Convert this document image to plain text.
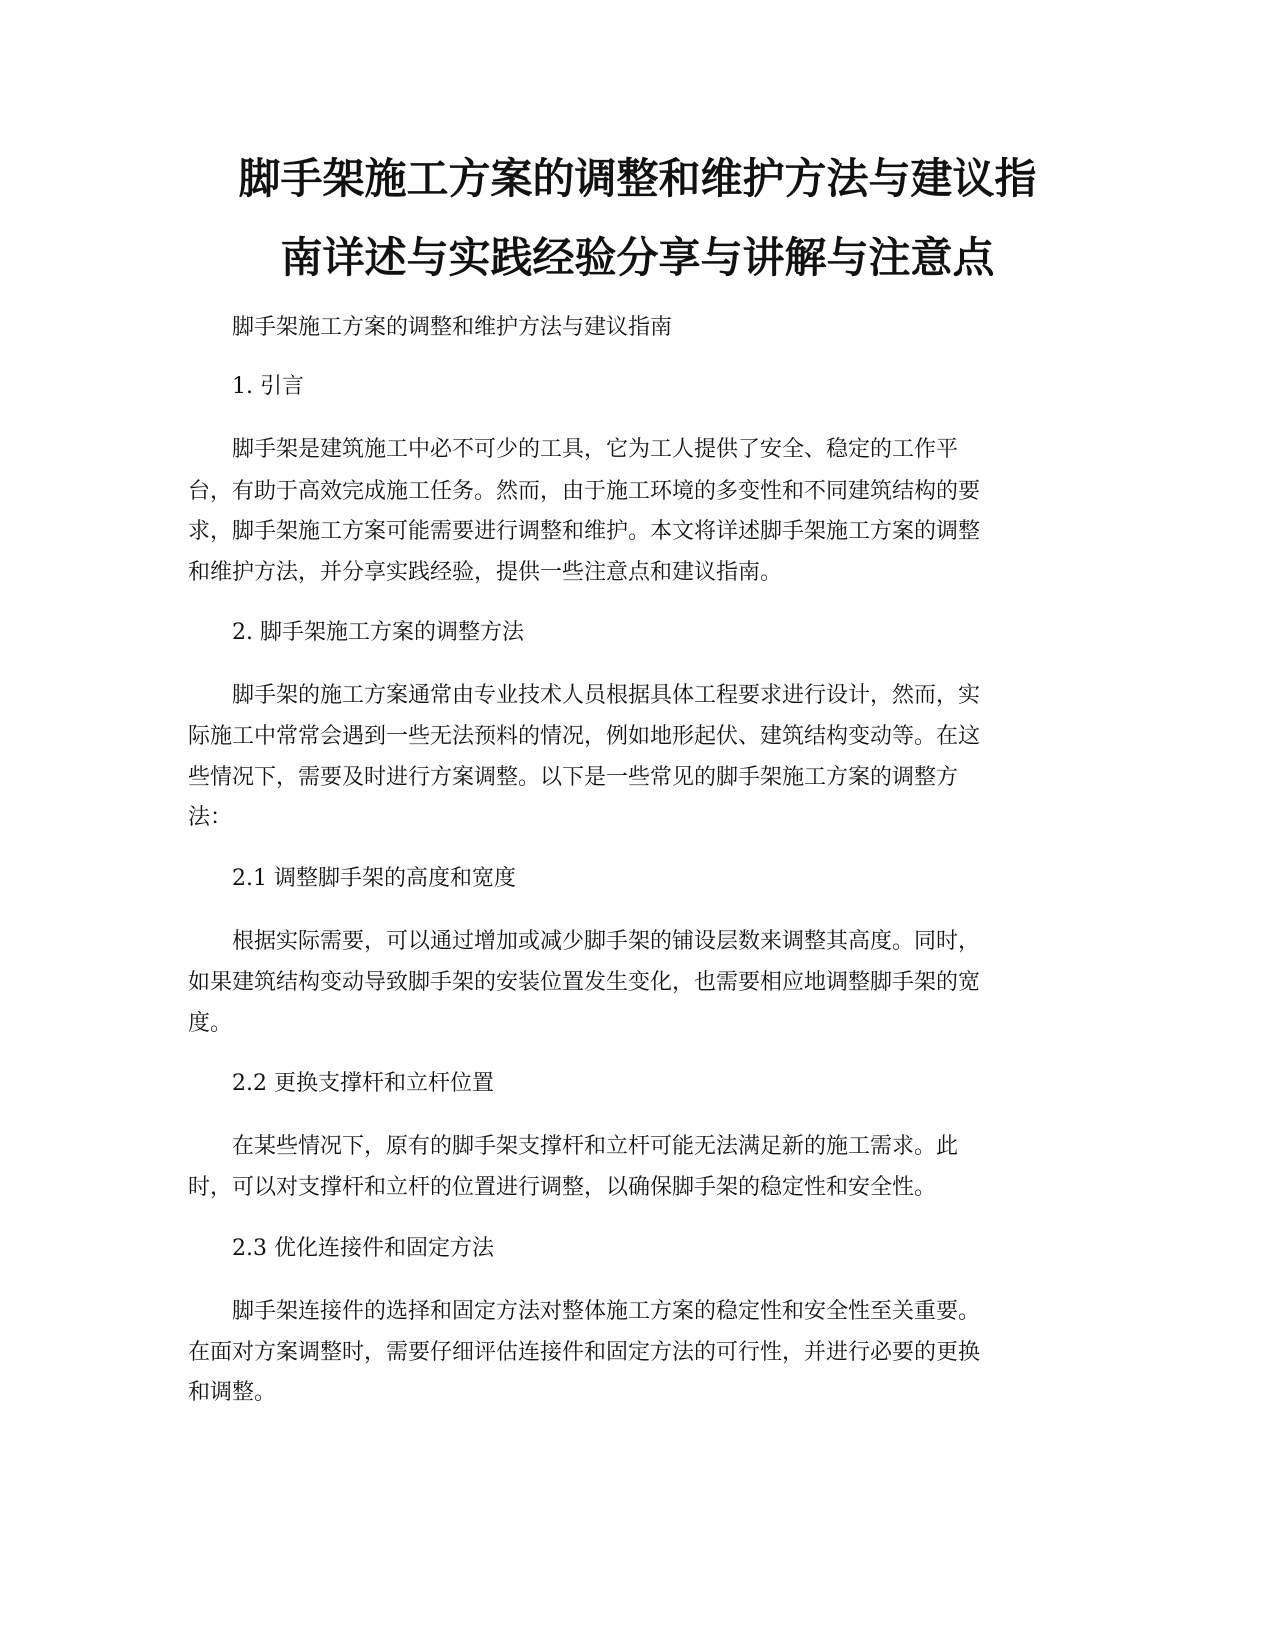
脚手架施工方案的调整和维护方法与建议指
南详述与实践经验分享与讲解与注意点

脚手架施工方案的调整和维护方法与建议指南

1. 引言

脚手架是建筑施工中必不可少的工具，它为工人提供了安全、稳定的工作平

台，有助于高效完成施工任务。然而，由于施工环境的多变性和不同建筑结构的要

求，脚手架施工方案可能需要进行调整和维护。本文将详述脚手架施工方案的调整

和维护方法，并分享实践经验，提供一些注意点和建议指南。

2. 脚手架施工方案的调整方法

脚手架的施工方案通常由专业技术人员根据具体工程要求进行设计，然而，实

际施工中常常会遇到一些无法预料的情况，例如地形起伏、建筑结构变动等。在这

些情况下，需要及时进行方案调整。以下是一些常见的脚手架施工方案的调整方

法：

2.1 调整脚手架的高度和宽度

根据实际需要，可以通过增加或减少脚手架的铺设层数来调整其高度。同时，

如果建筑结构变动导致脚手架的安装位置发生变化，也需要相应地调整脚手架的宽

度。

2.2 更换支撑杆和立杆位置

在某些情况下，原有的脚手架支撑杆和立杆可能无法满足新的施工需求。此

时，可以对支撑杆和立杆的位置进行调整，以确保脚手架的稳定性和安全性。

2.3 优化连接件和固定方法

脚手架连接件的选择和固定方法对整体施工方案的稳定性和安全性至关重要。

在面对方案调整时，需要仔细评估连接件和固定方法的可行性，并进行必要的更换

和调整。
